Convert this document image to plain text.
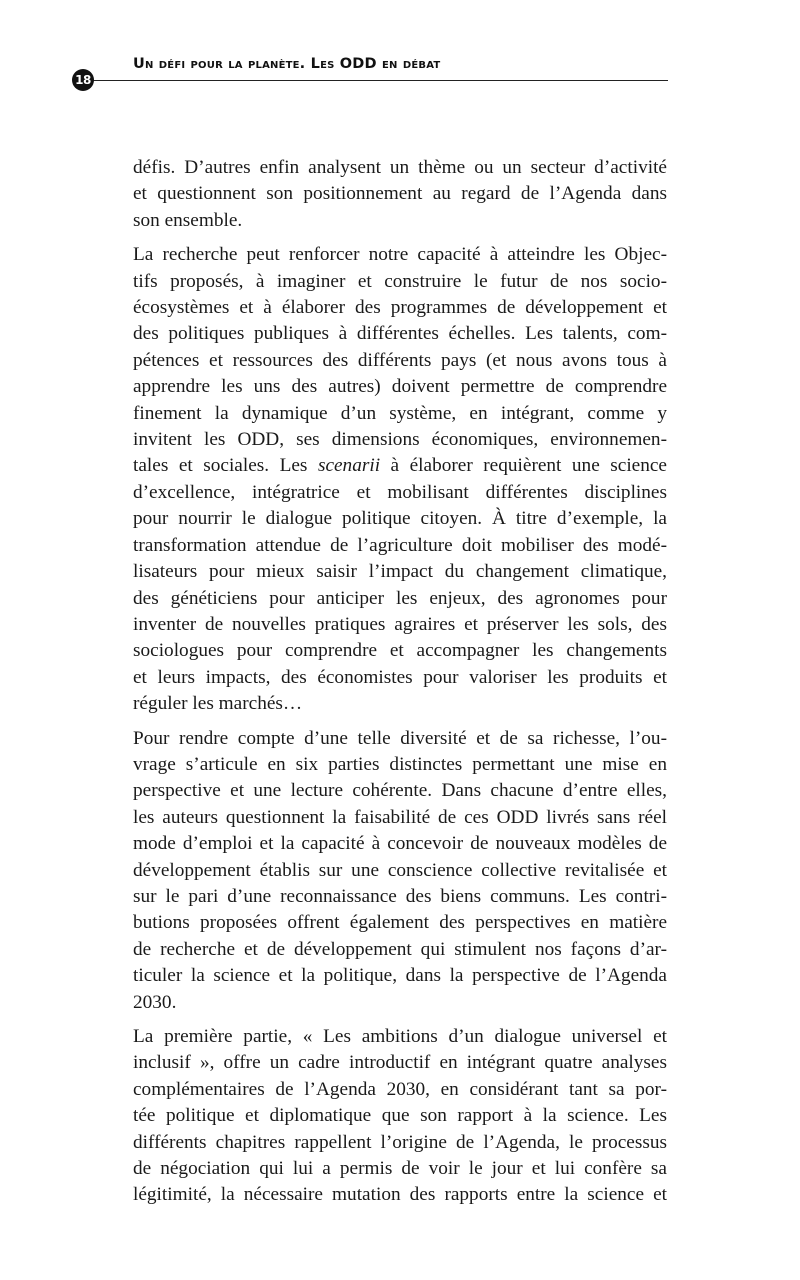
Un défi pour la planète. Les ODD en débat
18
défis. D’autres enfin analysent un thème ou un secteur d’activité
et questionnent son positionnement au regard de l’Agenda dans
son ensemble.
La recherche peut renforcer notre capacité à atteindre les Objec-
tifs proposés, à imaginer et construire le futur de nos socio-
écosystèmes et à élaborer des programmes de développement et
des politiques publiques à différentes échelles. Les talents, com-
pétences et ressources des différents pays (et nous avons tous à
apprendre les uns des autres) doivent permettre de comprendre
finement la dynamique d’un système, en intégrant, comme y
invitent les ODD, ses dimensions économiques, environnemen-
tales et sociales. Les scenarii à élaborer requièrent une science
d’excellence, intégratrice et mobilisant différentes disciplines
pour nourrir le dialogue politique citoyen. À titre d’exemple, la
transformation attendue de l’agriculture doit mobiliser des modé-
lisateurs pour mieux saisir l’impact du changement climatique,
des généticiens pour anticiper les enjeux, des agronomes pour
inventer de nouvelles pratiques agraires et préserver les sols, des
sociologues pour comprendre et accompagner les changements
et leurs impacts, des économistes pour valoriser les produits et
réguler les marchés…
Pour rendre compte d’une telle diversité et de sa richesse, l’ou-
vrage s’articule en six parties distinctes permettant une mise en
perspective et une lecture cohérente. Dans chacune d’entre elles,
les auteurs questionnent la faisabilité de ces ODD livrés sans réel
mode d’emploi et la capacité à concevoir de nouveaux modèles de
développement établis sur une conscience collective revitalisée et
sur le pari d’une reconnaissance des biens communs. Les contri-
butions proposées offrent également des perspectives en matière
de recherche et de développement qui stimulent nos façons d’ar-
ticuler la science et la politique, dans la perspective de l’Agenda
2030.
La première partie, « Les ambitions d’un dialogue universel et
inclusif », offre un cadre introductif en intégrant quatre analyses
complémentaires de l’Agenda 2030, en considérant tant sa por-
tée politique et diplomatique que son rapport à la science. Les
différents chapitres rappellent l’origine de l’Agenda, le processus
de négociation qui lui a permis de voir le jour et lui confère sa
légitimité, la nécessaire mutation des rapports entre la science et
